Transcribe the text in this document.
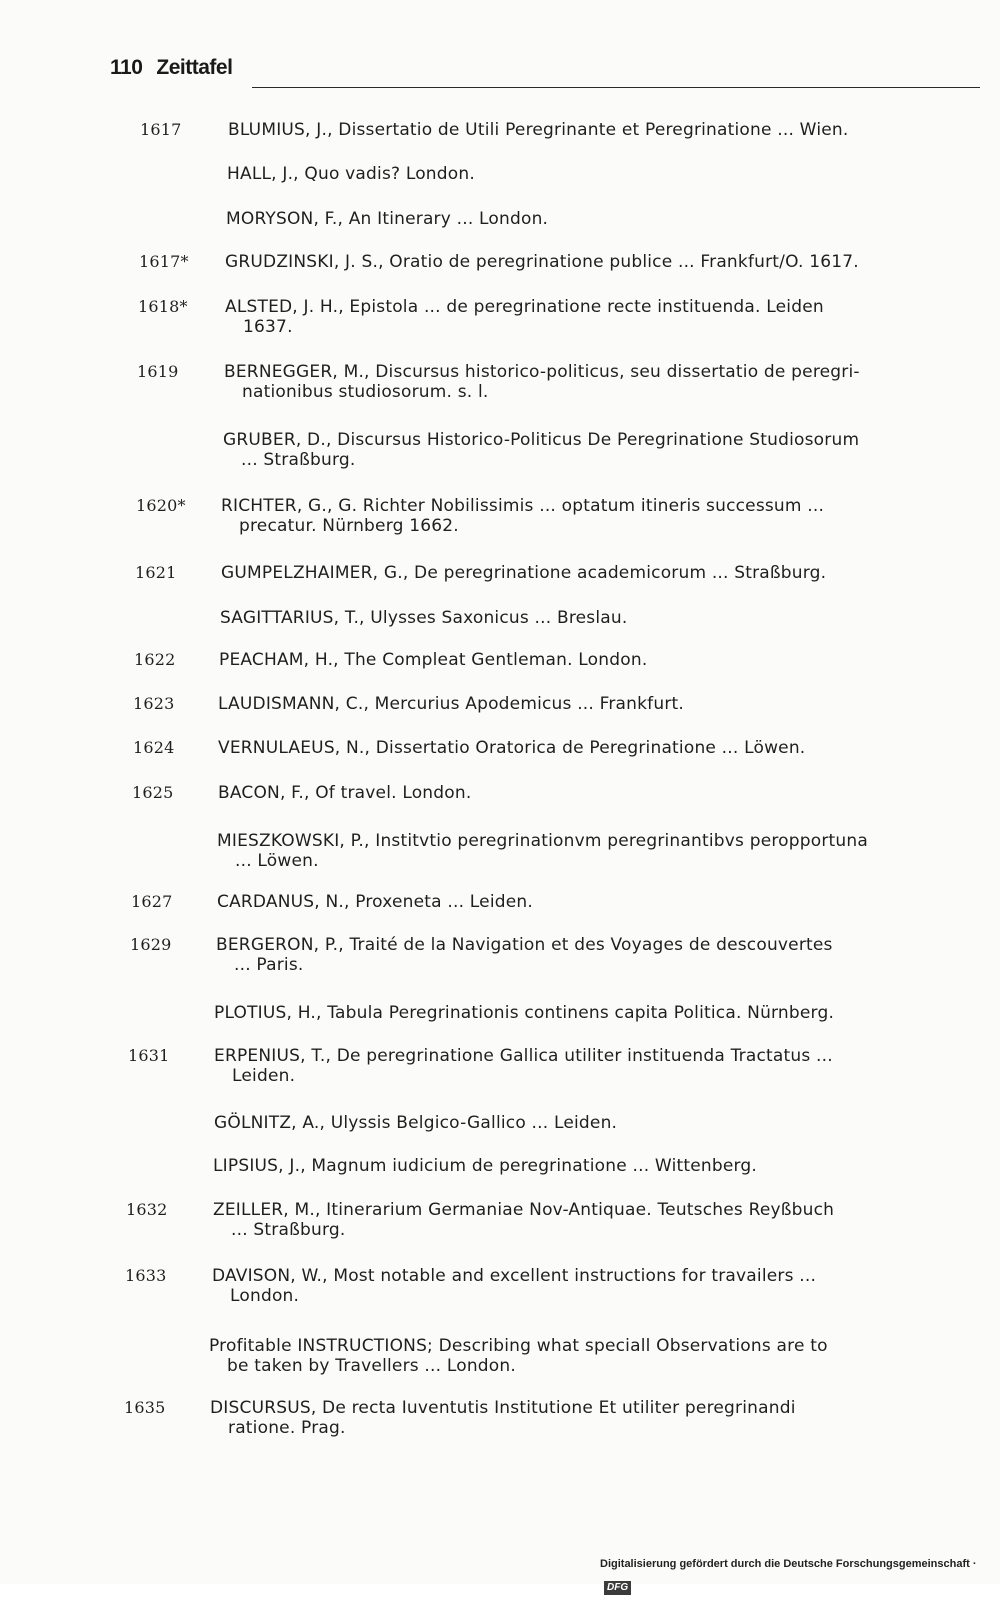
110 Zeittafel
1617	BLUMIUS, J., Dissertatio de Utili Peregrinante et Peregrinatione ... Wien.
HALL, J., Quo vadis? London.
MORYSON, F., An Itinerary ... London.
1617* GRUDZINSKI, J. S., Oratio de peregrinatione publice ... Frankfurt/O. 1617.
1618* ALSTED, J. H., Epistola ... de peregrinatione recte instituenda. Leiden
1637.
1619	BERNEGGER, M., Discursus historico-politicus, seu dissertatio de peregri-
nationibus studiosorum. s. l.
GRUBER, D., Discursus Historico-Politicus De Peregrinatione Studiosorum
... Straßburg.
1620* RICHTER, G., G. Richter Nobilissimis ... optatum itineris successum ...
precatur. Nürnberg 1662.
1621	GUMPELZHAIMER, G., De peregrinatione academicorum ... Straßburg.
SAGITTARIUS, T., Ulysses Saxonicus ... Breslau.
1622	PEACHAM, H., The Compleat Gentleman. London.
1623	LAUDISMANN, C., Mercurius Apodemicus ... Frankfurt.
1624	VERNULAEUS, N., Dissertatio Oratorica de Peregrinatione ... Löwen.
1625	BACON, F., Of travel. London.
MIESZKOWSKI, P., Institvtio peregrinationvm peregrinantibvs peropportuna
... Löwen.
1627	CARDANUS, N., Proxeneta ... Leiden.
1629	BERGERON, P., Traité de la Navigation et des Voyages de descouvertes
... Paris.
PLOTIUS, H., Tabula Peregrinationis continens capita Politica. Nürnberg.
1631	ERPENIUS, T., De peregrinatione Gallica utiliter instituenda Tractatus ...
Leiden.
GÖLNITZ, A., Ulyssis Belgico-Gallico ... Leiden.
LIPSIUS, J., Magnum iudicium de peregrinatione ... Wittenberg.
1632	ZEILLER, M., Itinerarium Germaniae Nov-Antiquae. Teutsches Reyßbuch
... Straßburg.
1633	DAVISON, W., Most notable and excellent instructions for travailers ...
London.
Profitable INSTRUCTIONS; Describing what speciall Observations are to
be taken by Travellers ... London.
1635	DISCURSUS, De recta Iuventutis Institutione Et utiliter peregrinandi
ratione. Prag.
Digitalisierung gefördert durch die Deutsche Forschungsgemeinschaft ·DFG
